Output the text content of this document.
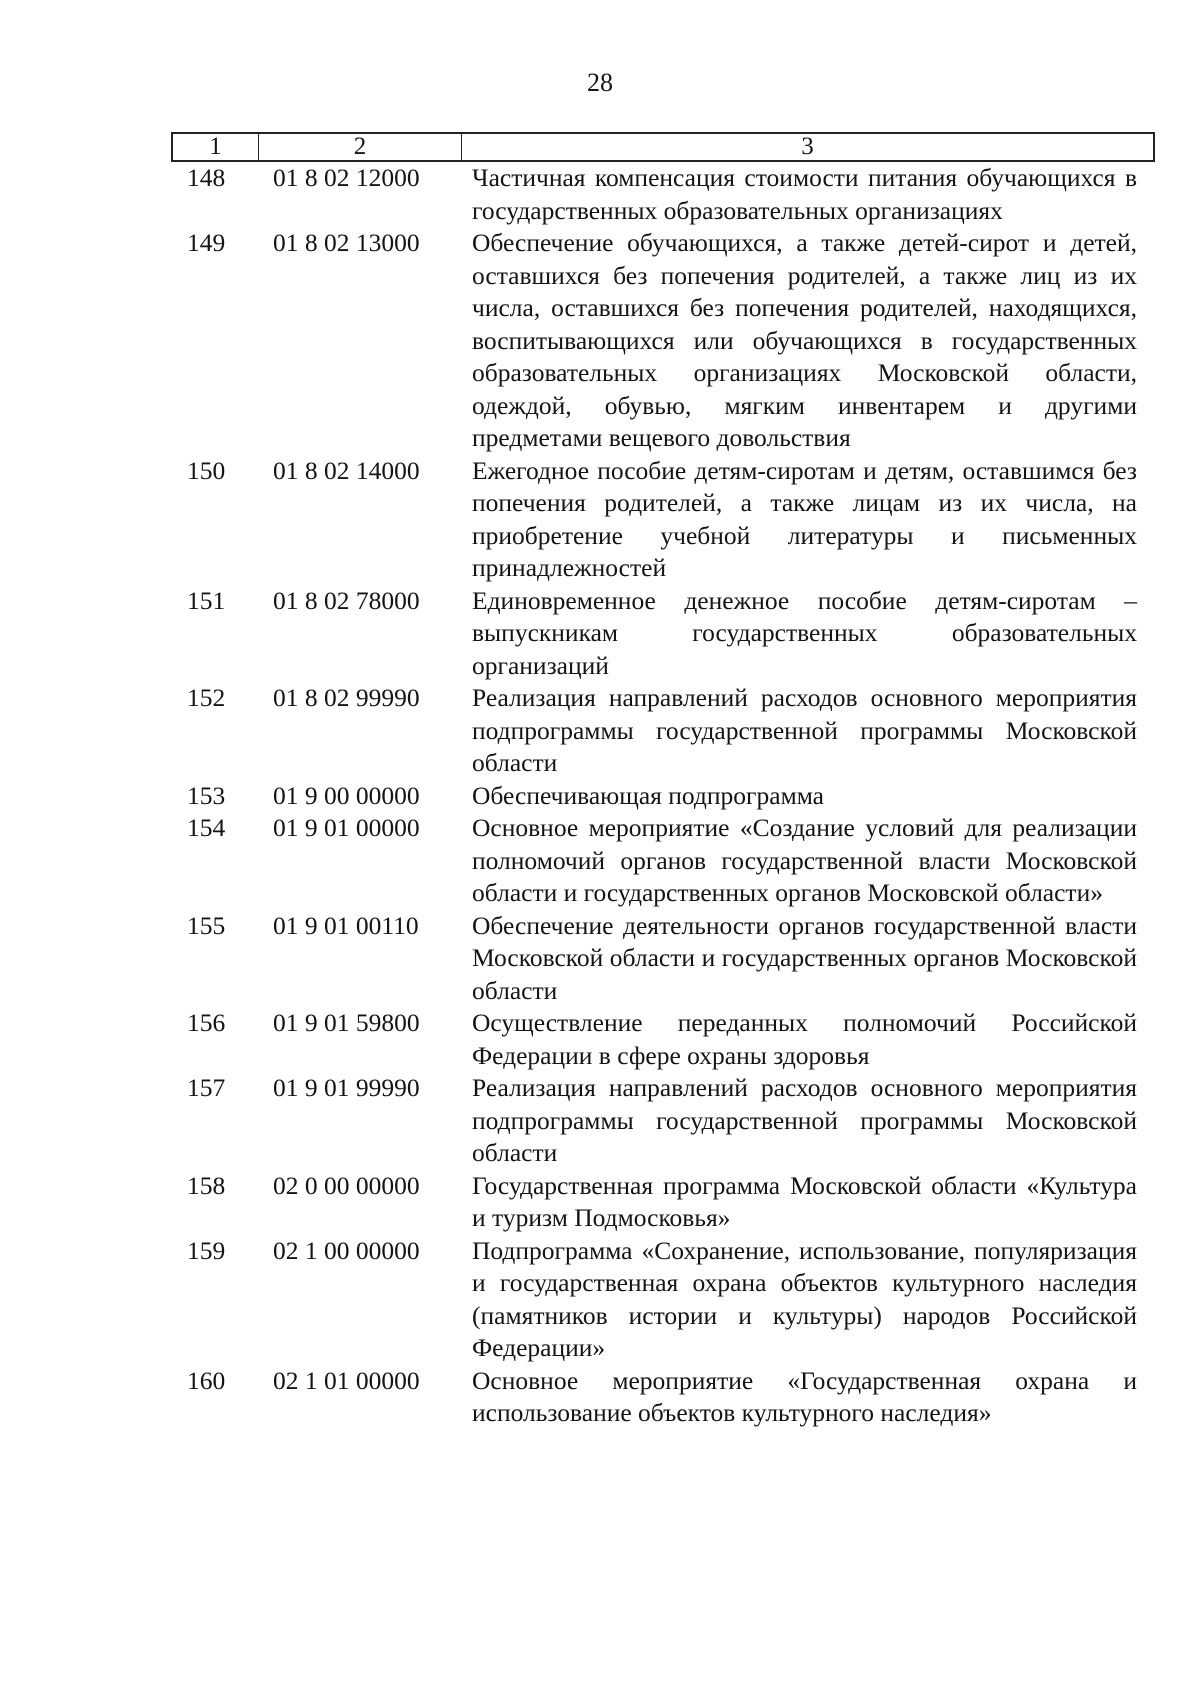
28
1	2	3
148	01 8 02 12000	Частичная компенсация стоимости питания обучающихся в государственных образовательных организациях
149	01 8 02 13000	Обеспечение обучающихся, а также детей-сирот и детей, оставшихся без попечения родителей, а также лиц из их числа, оставшихся без попечения родителей, находящихся, воспитывающихся или обучающихся в государственных образовательных организациях Московской области, одеждой, обувью, мягким инвентарем и другими предметами вещевого довольствия
150	01 8 02 14000	Ежегодное пособие детям-сиротам и детям, оставшимся без попечения родителей, а также лицам из их числа, на приобретение учебной литературы и письменных принадлежностей
151	01 8 02 78000	Единовременное денежное пособие детям-сиротам – выпускникам государственных образовательных организаций
152	01 8 02 99990	Реализация направлений расходов основного мероприятия подпрограммы государственной программы Московской области
153	01 9 00 00000	Обеспечивающая подпрограмма
154	01 9 01 00000	Основное мероприятие «Создание условий для реализации полномочий органов государственной власти Московской области и государственных органов Московской области»
155	01 9 01 00110	Обеспечение деятельности органов государственной власти Московской области и государственных органов Московской области
156	01 9 01 59800	Осуществление переданных полномочий Российской Федерации в сфере охраны здоровья
157	01 9 01 99990	Реализация направлений расходов основного мероприятия подпрограммы государственной программы Московской области
158	02 0 00 00000	Государственная программа Московской области «Культура и туризм Подмосковья»
159	02 1 00 00000	Подпрограмма «Сохранение, использование, популяризация и государственная охрана объектов культурного наследия (памятников истории и культуры) народов Российской Федерации»
160	02 1 01 00000	Основное мероприятие «Государственная охрана и использование объектов культурного наследия»
